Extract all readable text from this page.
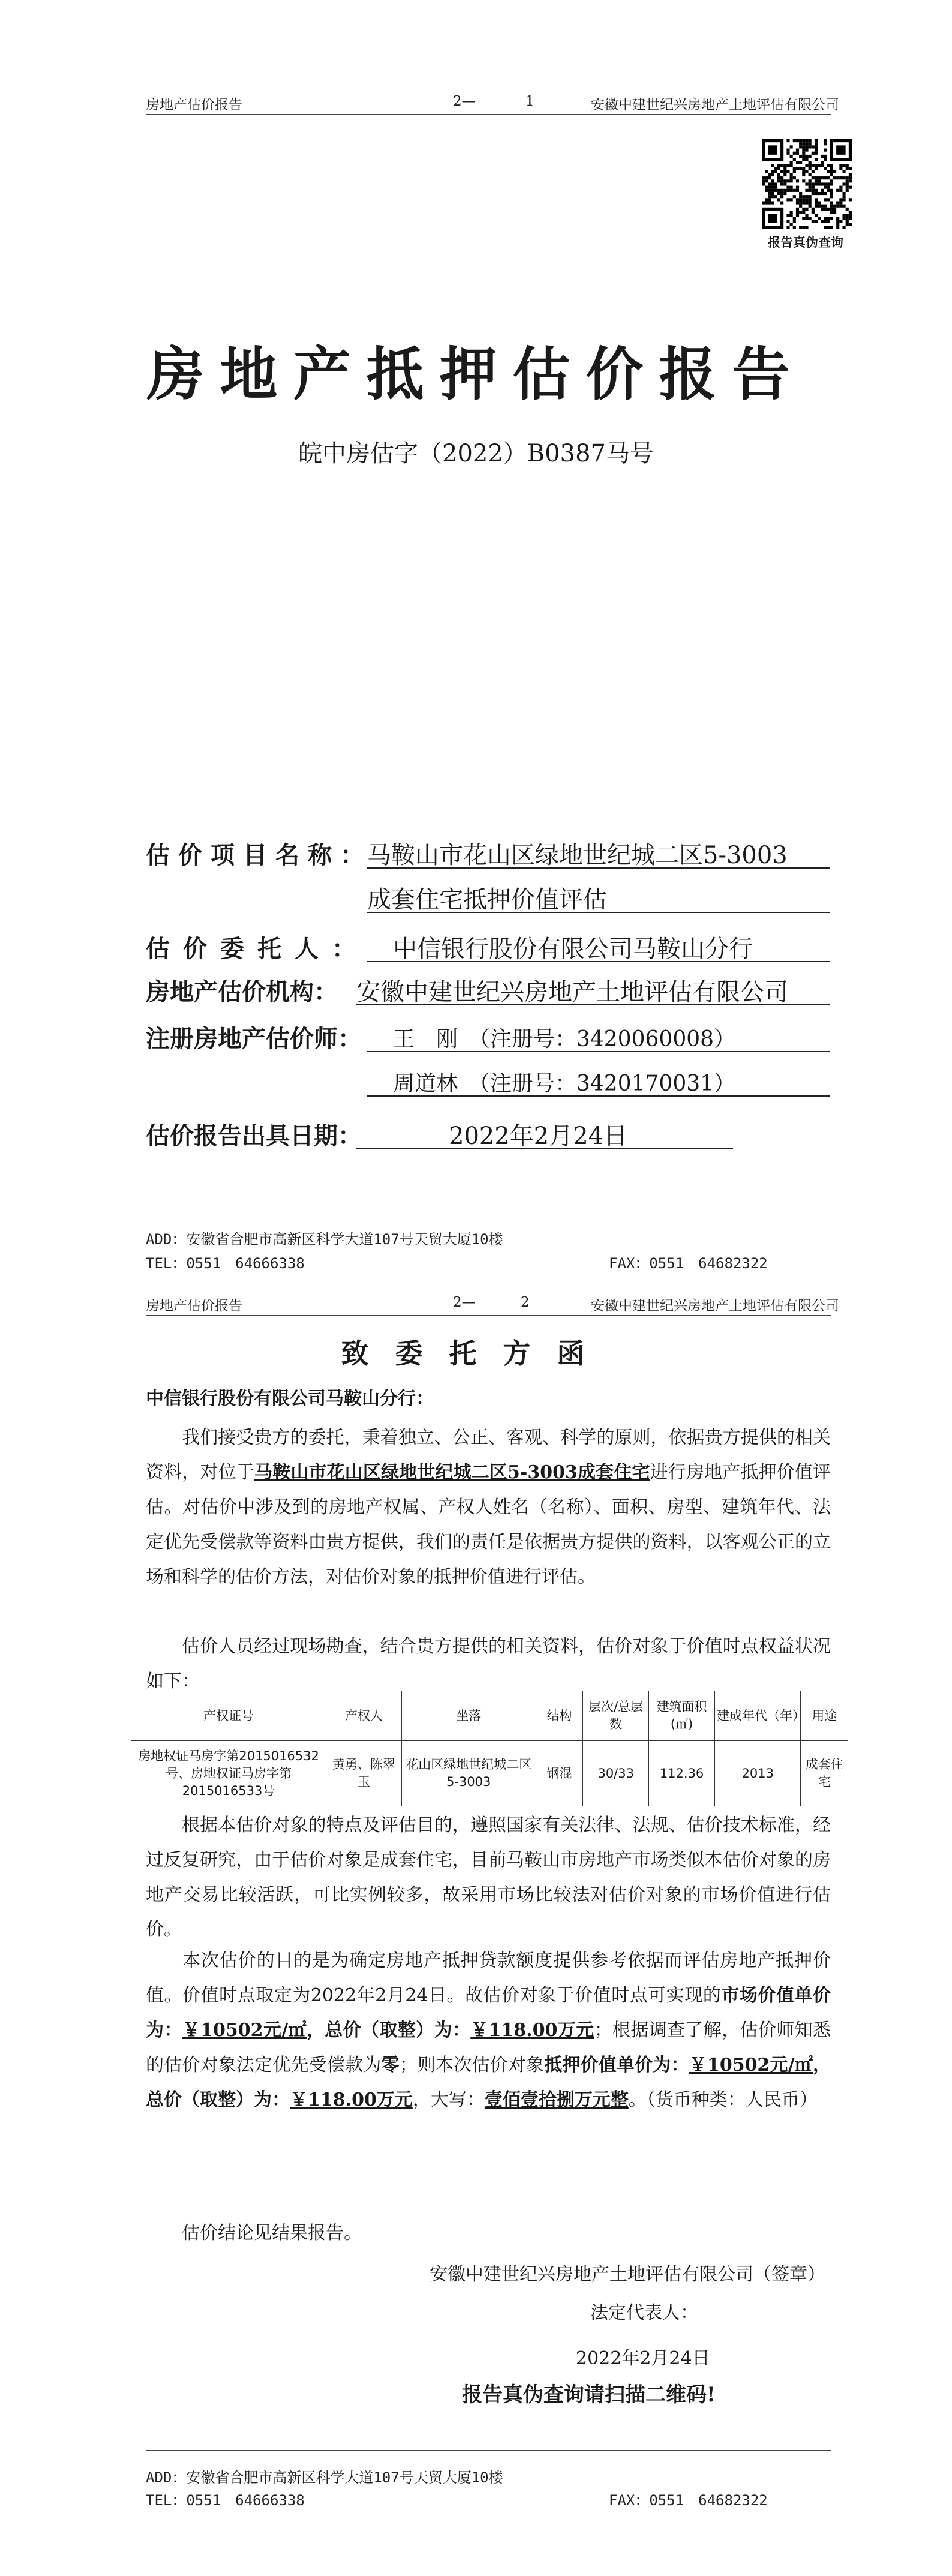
房地产估价报告	2—	1	安徽中建世纪兴房地产土地评估有限公司
报告真伪查询
房地产抵押估价报告
皖中房估字（2022）B0387马号
估价项目名称：
马鞍山市花山区绿地世纪城二区5-3003
成套住宅抵押价值评估
估价委托人： 中信银行股份有限公司马鞍山分行
房地产估价机构： 安徽中建世纪兴房地产土地评估有限公司
注册房地产估价师： 王　刚　（注册号：3420060008）
周道林　（注册号：3420170031）
估价报告出具日期：	2022年2月24日
ADD：安徽省合肥市高新区科学大道107号天贸大厦10楼
TEL：0551－64666338	FAX：0551－64682322
房地产估价报告	2—	2	安徽中建世纪兴房地产土地评估有限公司
致委托方函
中信银行股份有限公司马鞍山分行：
我们接受贵方的委托，秉着独立、公正、客观、科学的原则，依据贵方提供的相关资料，对位于马鞍山市花山区绿地世纪城二区5-3003成套住宅进行房地产抵押价值评估。对估价中涉及到的房地产权属、产权人姓名（名称）、面积、房型、建筑年代、法定优先受偿款等资料由贵方提供，我们的责任是依据贵方提供的资料，以客观公正的立场和科学的估价方法，对估价对象的抵押价值进行评估。
估价人员经过现场勘查，结合贵方提供的相关资料，估价对象于价值时点权益状况如下：
产权证号	产权人	坐落	结构	层次/总层数	建筑面积(㎡)	建成年代（年）	用途
房地权证马房字第2015016532号、房地权证马房字第2015016533号	黄勇、陈翠玉	花山区绿地世纪城二区5-3003	钢混	30/33	112.36	2013	成套住宅
根据本估价对象的特点及评估目的，遵照国家有关法律、法规、估价技术标准，经过反复研究，由于估价对象是成套住宅，目前马鞍山市房地产市场类似本估价对象的房地产交易比较活跃，可比实例较多，故采用市场比较法对估价对象的市场价值进行估价。
本次估价的目的是为确定房地产抵押贷款额度提供参考依据而评估房地产抵押价值。价值时点取定为2022年2月24日。故估价对象于价值时点可实现的市场价值单价为：￥10502元/㎡，总价（取整）为：￥118.00万元；根据调查了解，估价师知悉的估价对象法定优先受偿款为零；则本次估价对象抵押价值单价为：￥10502元/㎡，总价（取整）为：￥118.00万元，大写：壹佰壹拾捌万元整。（货币种类：人民币）
估价结论见结果报告。
安徽中建世纪兴房地产土地评估有限公司（签章）
法定代表人：
2022年2月24日
报告真伪查询请扫描二维码!
ADD：安徽省合肥市高新区科学大道107号天贸大厦10楼
TEL：0551－64666338	FAX：0551－64682322
